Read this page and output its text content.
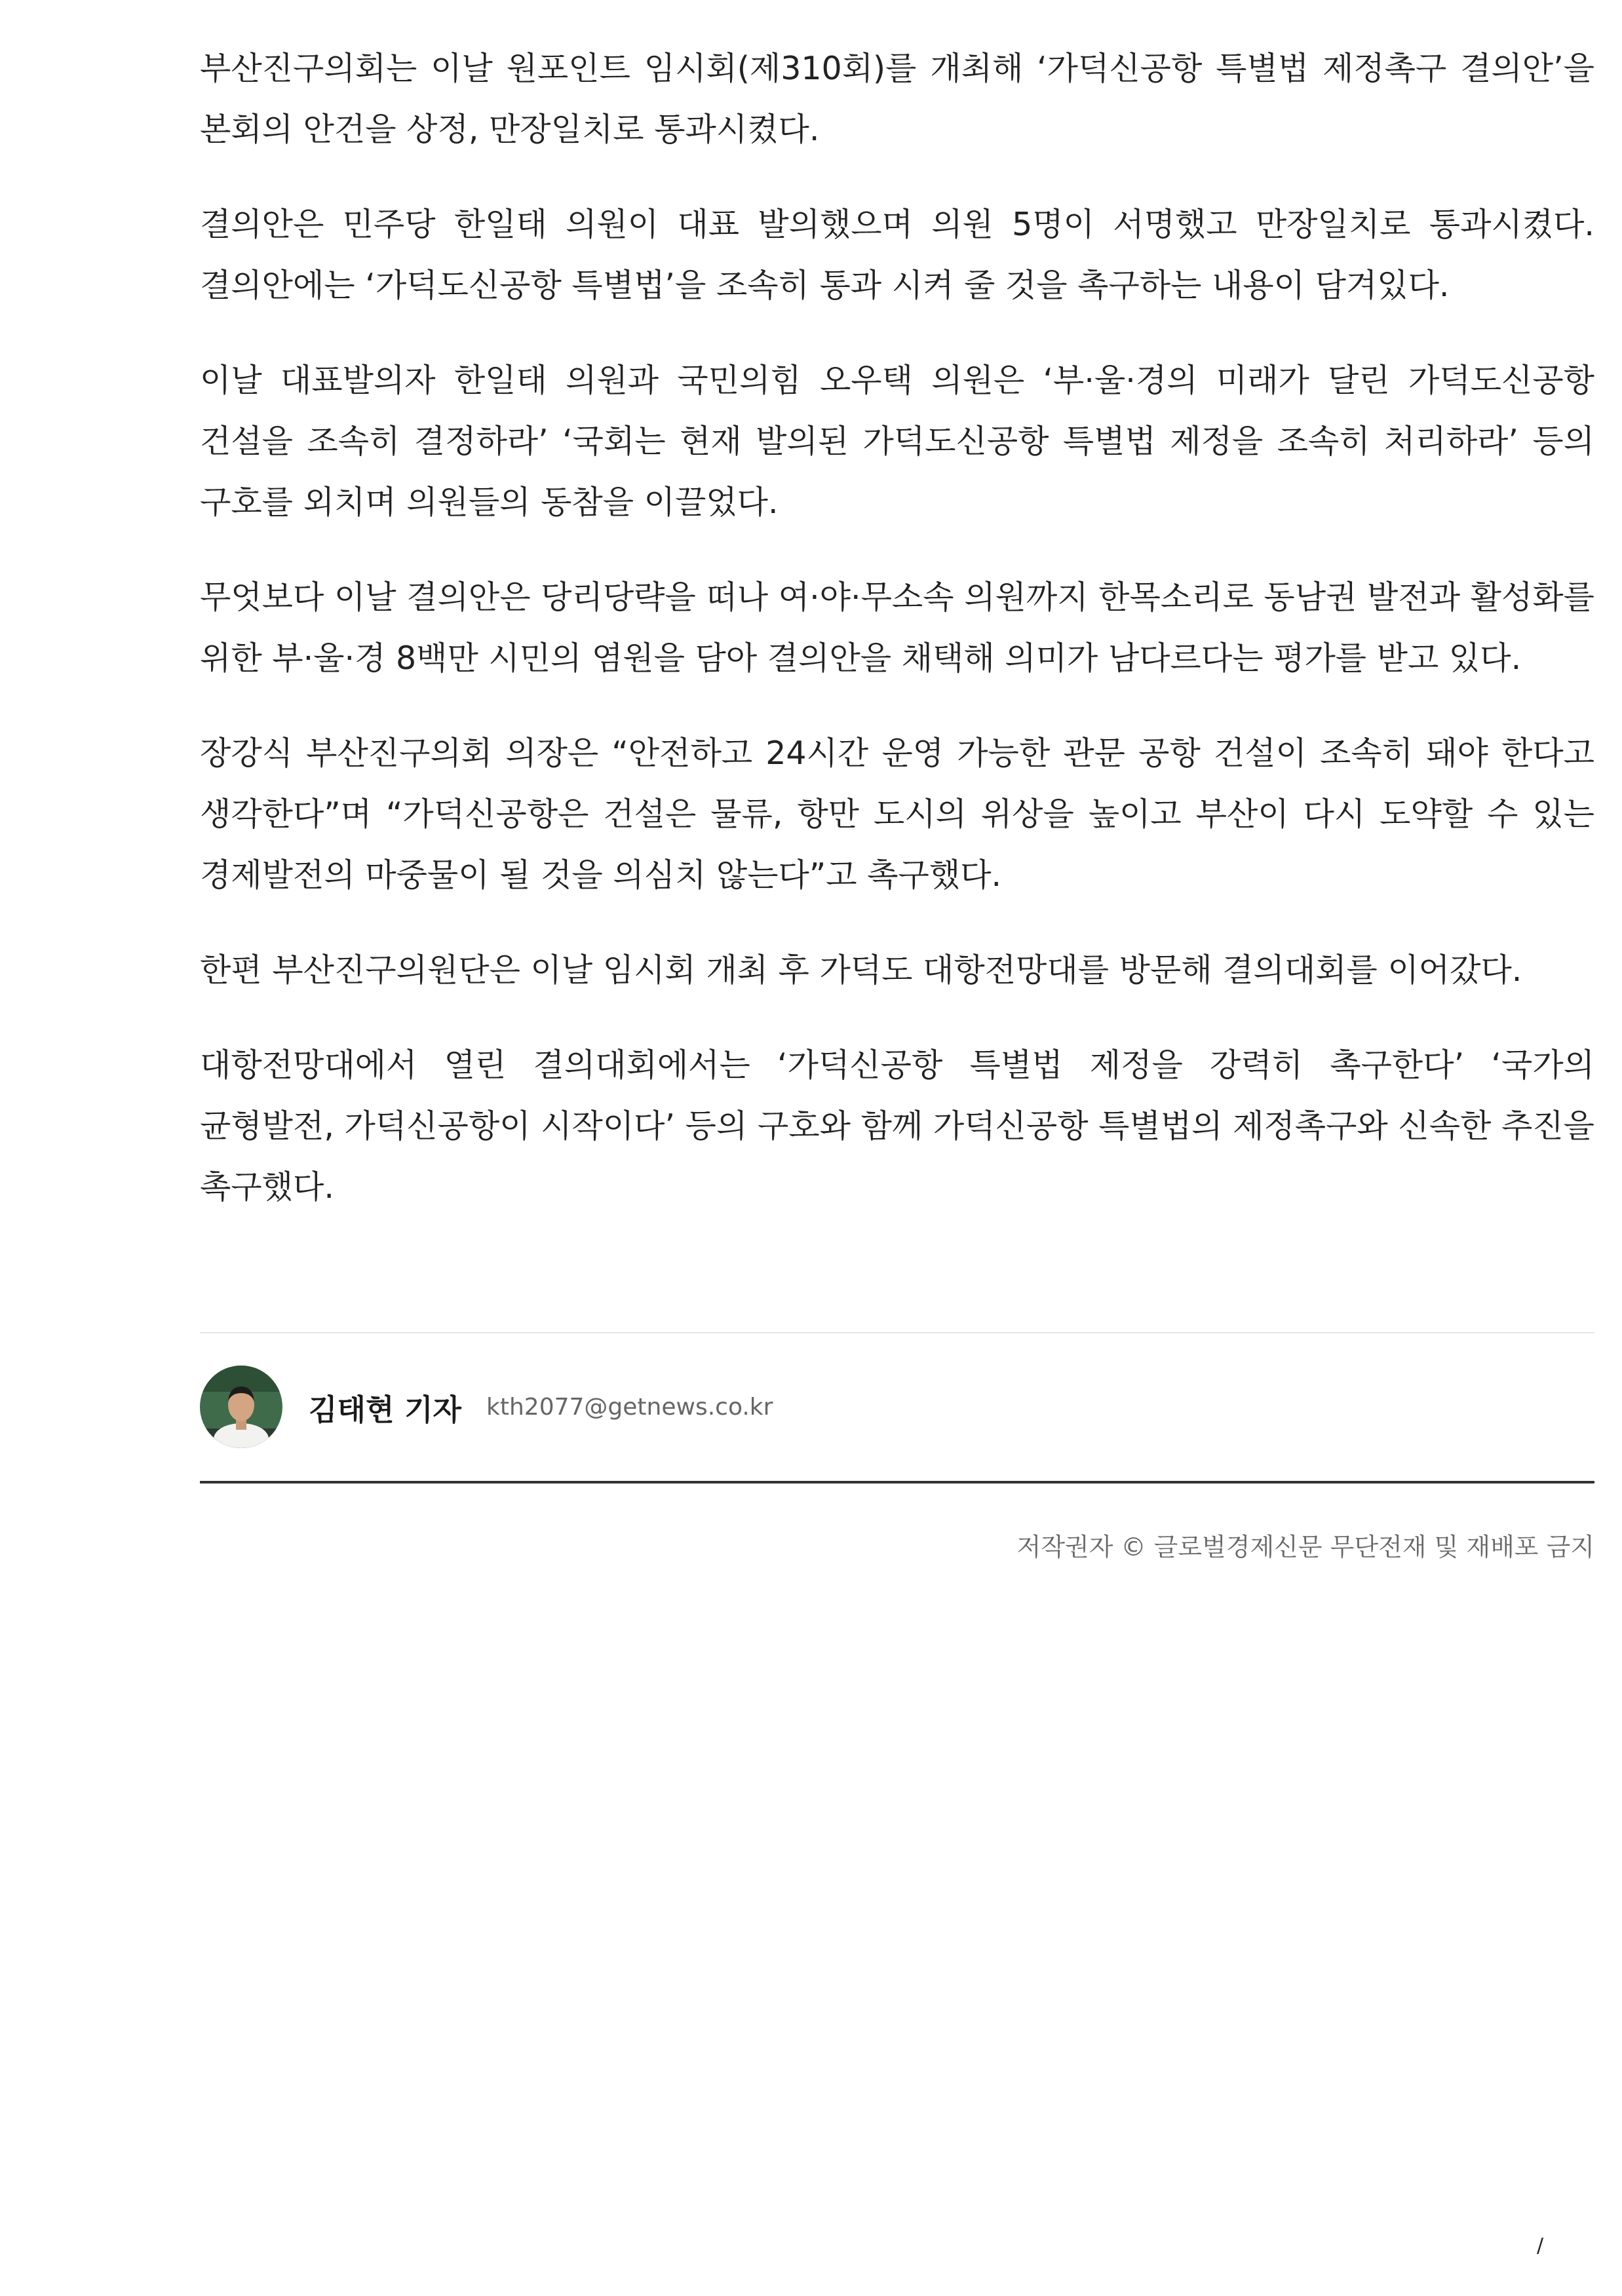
부산진구의회는 이날 원포인트 임시회(제310회)를 개최해 ‘가덕신공항 특별법 제정촉구 결의안’을 본회의 안건을 상정, 만장일치로 통과시켰다.

결의안은 민주당 한일태 의원이 대표 발의했으며 의원 5명이 서명했고 만장일치로 통과시켰다. 결의안에는 ‘가덕도신공항 특별법’을 조속히 통과 시켜 줄 것을 촉구하는 내용이 담겨있다.

이날 대표발의자 한일태 의원과 국민의힘 오우택 의원은 ‘부·울·경의 미래가 달린 가덕도신공항 건설을 조속히 결정하라’ ‘국회는 현재 발의된 가덕도신공항 특별법 제정을 조속히 처리하라’ 등의 구호를 외치며 의원들의 동참을 이끌었다.

무엇보다 이날 결의안은 당리당략을 떠나 여·야·무소속 의원까지 한목소리로 동남권 발전과 활성화를 위한 부·울·경 8백만 시민의 염원을 담아 결의안을 채택해 의미가 남다르다는 평가를 받고 있다.

장강식 부산진구의회 의장은 “안전하고 24시간 운영 가능한 관문 공항 건설이 조속히 돼야 한다고 생각한다”며 “가덕신공항은 건설은 물류, 항만 도시의 위상을 높이고 부산이 다시 도약할 수 있는 경제발전의 마중물이 될 것을 의심치 않는다”고 촉구했다.

한편 부산진구의원단은 이날 임시회 개최 후 가덕도 대항전망대를 방문해 결의대회를 이어갔다.

대항전망대에서 열린 결의대회에서는 ‘가덕신공항 특별법 제정을 강력히 촉구한다’ ‘국가의 균형발전, 가덕신공항이 시작이다’ 등의 구호와 함께 가덕신공항 특별법의 제정촉구와 신속한 추진을 촉구했다.

김태현 기자 kth2077@getnews.co.kr
저작권자 © 글로벌경제신문 무단전재 및 재배포 금지
/
